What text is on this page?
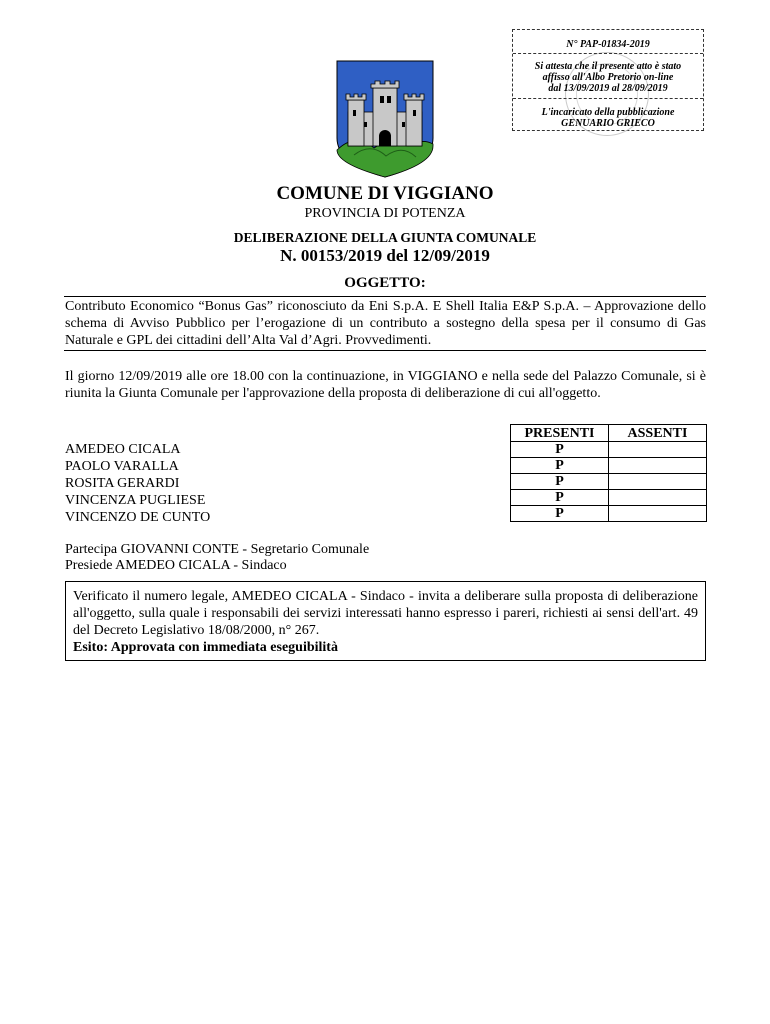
N° PAP-01834-2019
Si attesta che il presente atto è stato
affisso all'Albo Pretorio on-line
dal 13/09/2019 al 28/09/2019
L'incaricato della pubblicazione
GENUARIO GRIECO
COMUNE DI VIGGIANO
PROVINCIA DI POTENZA
DELIBERAZIONE DELLA GIUNTA COMUNALE
N. 00153/2019 del 12/09/2019
OGGETTO:
Contributo Economico “Bonus Gas” riconosciuto da Eni S.p.A. E Shell Italia E&P S.p.A. – Approvazione dello schema di Avviso Pubblico per l’erogazione di un contributo a sostegno della spesa per il consumo di Gas Naturale e GPL dei cittadini dell’Alta Val d’Agri. Provvedimenti.
Il giorno 12/09/2019 alle ore 18.00 con la continuazione, in VIGGIANO e nella sede del Palazzo Comunale, si è riunita la Giunta Comunale per l'approvazione della proposta di deliberazione di cui all'oggetto.
AMEDEO CICALA
PAOLO VARALLA
ROSITA GERARDI
VINCENZA PUGLIESE
VINCENZO DE CUNTO
PRESENTI	ASSENTI
P	
P	
P	
P	
P	
Partecipa GIOVANNI CONTE - Segretario Comunale
Presiede AMEDEO CICALA - Sindaco
Verificato il numero legale, AMEDEO CICALA - Sindaco - invita a deliberare sulla proposta di deliberazione all'oggetto, sulla quale i responsabili dei servizi interessati hanno espresso i pareri, richiesti ai sensi dell'art. 49 del Decreto Legislativo 18/08/2000, n° 267.
Esito: Approvata con immediata eseguibilità
